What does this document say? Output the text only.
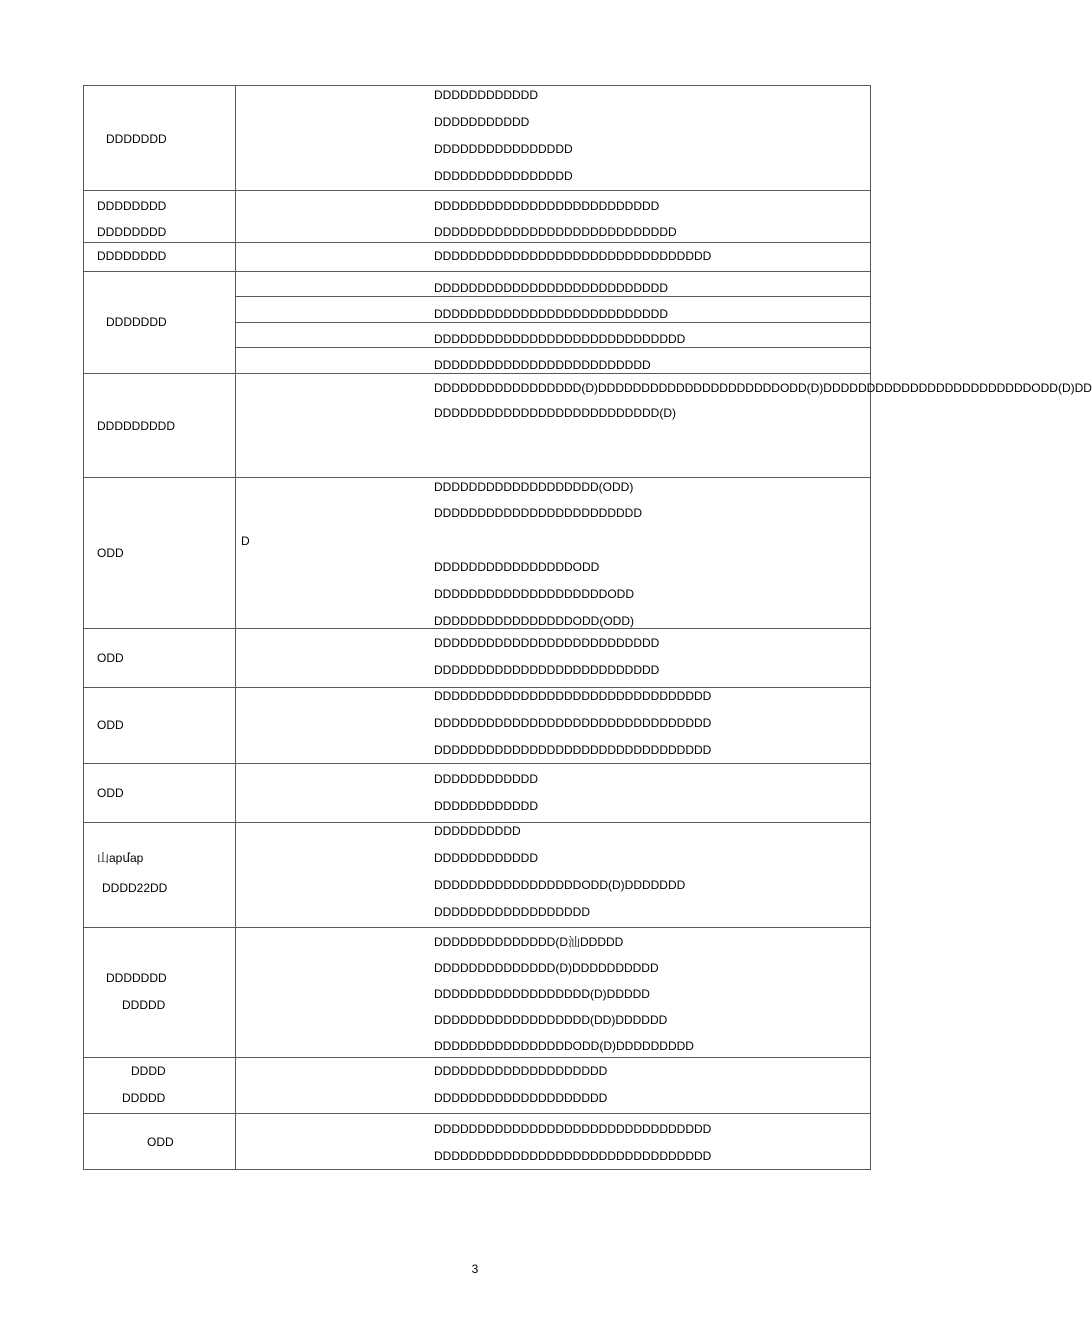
DDDDDDD
DDDDDDDDDDDD
DDDDDDDDDDD
DDDDDDDDDDDDDDDD
DDDDDDDDDDDDDDDD
DDDDDDDD
DDDDDDDD
DDDDDDDDDDDDDDDDDDDDDDDDDD
DDDDDDDDDDDDDDDDDDDDDDDDDDDD
DDDDDDDD	DDDDDDDDDDDDDDDDDDDDDDDDDDDDDDDD
DDDDDDD
DDDDDDDDDDDDDDDDDDDDDDDDDDD
DDDDDDDDDDDDDDDDDDDDDDDDDDD
DDDDDDDDDDDDDDDDDDDDDDDDDDDDD
DDDDDDDDDDDDDDDDDDDDDDDDD
DDDDDDDDD
DDDDDDDDDDDDDDDDD(D)DDDDDDDDDDDDDDDDDDDDDODD(D)DDDDDDDDDDDDDDDDDDDDDDDDODD(D)DD
DDDDDDDDDDDDDDDDDDDDDDDDDD(D)
ODD
DDDDDDDDDDDDDDDDDDD(ODD)
DDDDDDDDDDDDDDDDDDDDDDDD
D
DDDDDDDDDDDDDDDDODD
DDDDDDDDDDDDDDDDDDDDODD
DDDDDDDDDDDDDDDDODD(ODD)
ODD
DDDDDDDDDDDDDDDDDDDDDDDDDD
DDDDDDDDDDDDDDDDDDDDDDDDDD
ODD
DDDDDDDDDDDDDDDDDDDDDDDDDDDDDDDD
DDDDDDDDDDDDDDDDDDDDDDDDDDDDDDDD
DDDDDDDDDDDDDDDDDDDDDDDDDDDDDDDD
ODD
DDDDDDDDDDDD
DDDDDDDDDDDD
山арմар
DDDD22DD
DDDDDDDDDD
DDDDDDDDDDDD
DDDDDDDDDDDDDDDDDODD(D)DDDDDDD
DDDDDDDDDDDDDDDDDD
DDDDDDD
DDDDD
DDDDDDDDDDDDDD(D汕DDDDD
DDDDDDDDDDDDDD(D)DDDDDDDDDD
DDDDDDDDDDDDDDDDDD(D)DDDDD
DDDDDDDDDDDDDDDDDD(DD)DDDDDD
DDDDDDDDDDDDDDDDODD(D)DDDDDDDDD
DDDD
DDDDD
DDDDDDDDDDDDDDDDDDDD
DDDDDDDDDDDDDDDDDDDD
ODD
DDDDDDDDDDDDDDDDDDDDDDDDDDDDDDDD
DDDDDDDDDDDDDDDDDDDDDDDDDDDDDDDD
3
